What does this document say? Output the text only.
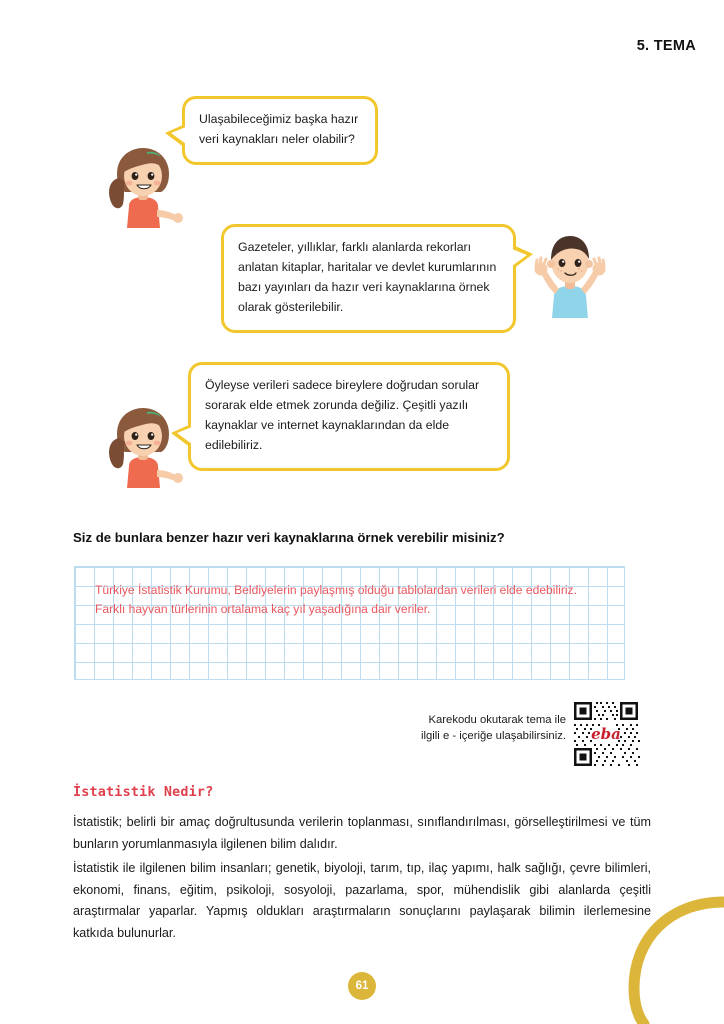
5. TEMA
Ulaşabileceğimiz başka hazır veri kaynakları neler olabilir?
Gazeteler, yıllıklar, farklı alanlarda rekorları anlatan kitaplar, haritalar ve devlet kurumlarının bazı yayınları da hazır veri kaynaklarına örnek olarak gösterilebilir.
Öyleyse verileri sadece bireylere doğrudan sorular sorarak elde etmek zorunda değiliz. Çeşitli yazılı kaynaklar ve internet kaynaklarından da elde edilebiliriz.
Siz de bunlara benzer hazır veri kaynaklarına örnek verebilir misiniz?
Türkiye İstatistik Kurumu, Beldiyelerin paylaşmış olduğu tablolardan verileri elde edebiliriz.
Farklı hayvan türlerinin ortalama kaç yıl yaşadığına dair veriler.
Karekodu okutarak tema ile
ilgili e - içeriğe ulaşabilirsiniz. eba
İstatistik Nedir?

İstatistik; belirli bir amaç doğrultusunda verilerin toplanması, sınıflandırılması, görselleştirilmesi ve tüm bunların yorumlanmasıyla ilgilenen bilim dalıdır.

İstatistik ile ilgilenen bilim insanları; genetik, biyoloji, tarım, tıp, ilaç yapımı, halk sağlığı, çevre bilimleri, ekonomi, finans, eğitim, psikoloji, sosyoloji, pazarlama, spor, mühendislik gibi alanlarda çeşitli araştırmalar yaparlar. Yapmış oldukları araştırmaların sonuçlarını paylaşarak bilimin ilerlemesine katkıda bulunurlar.

61
